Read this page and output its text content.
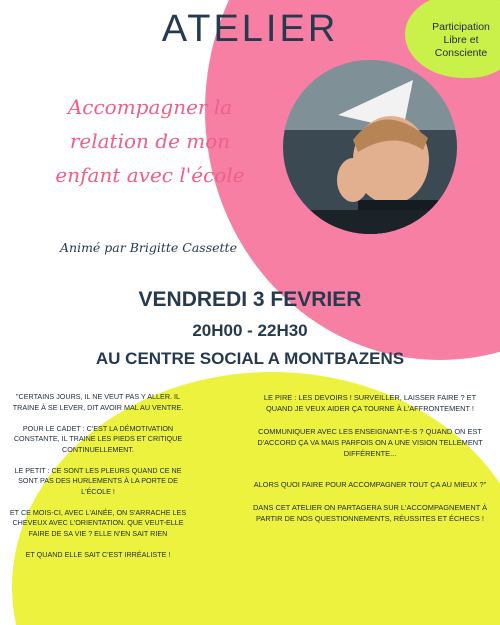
Participation
Libre et
Consciente
ATELIER
Accompagner la
relation de mon
enfant avec l'école
Animé par Brigitte Cassette
VENDREDI 3 FEVRIER
20H00 - 22H30
AU CENTRE SOCIAL A MONTBAZENS

"CERTAINS JOURS, IL NE VEUT PAS Y ALLER. IL TRAINE À SE LEVER, DIT AVOIR MAL AU VENTRE.

POUR LE CADET : C'EST LA DÉMOTIVATION CONSTANTE, IL TRAINE LES PIEDS ET CRITIQUE CONTINUELLEMENT.

LE PETIT : CE SONT LES PLEURS QUAND CE NE SONT PAS DES HURLEMENTS À LA PORTE DE L'ÉCOLE !

ET CE MOIS-CI, AVEC L'AINÉE, ON S'ARRACHE LES CHEVEUX AVEC L'ORIENTATION. QUE VEUT-ELLE FAIRE DE SA VIE ? ELLE N'EN SAIT RIEN

ET QUAND ELLE SAIT C'EST IRRÉALISTE !

LE PIRE : LES DEVOIRS ! SURVEILLER, LAISSER FAIRE ? ET QUAND JE VEUX AIDER ÇA TOURNE À L'AFFRONTEMENT !

COMMUNIQUER AVEC LES ENSEIGNANT-E-S ? QUAND ON EST D'ACCORD ÇA VA MAIS PARFOIS ON A UNE VISION TELLEMENT DIFFÉRENTE...

ALORS QUOI FAIRE POUR ACCOMPAGNER TOUT ÇA AU MIEUX ?"

DANS CET ATELIER ON PARTAGERA SUR L'ACCOMPAGNEMENT À PARTIR DE NOS QUESTIONNEMENTS, RÉUSSITES ET ÉCHECS !
